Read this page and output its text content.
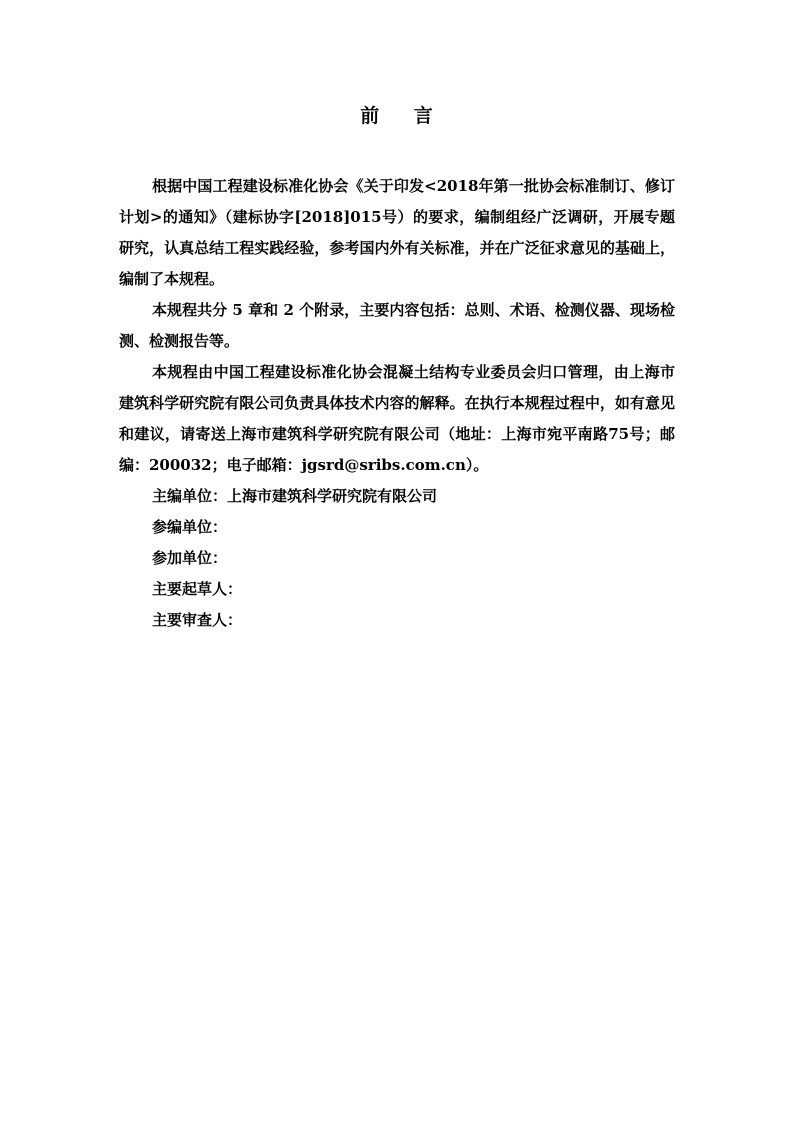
前 言

根据中国工程建设标准化协会《关于印发<2018年第一批协会标准制订、修订计划>的通知》（建标协字[2018]015号）的要求，编制组经广泛调研，开展专题研究，认真总结工程实践经验，参考国内外有关标准，并在广泛征求意见的基础上，编制了本规程。

本规程共分 5 章和 2 个附录，主要内容包括：总则、术语、检测仪器、现场检测、检测报告等。

本规程由中国工程建设标准化协会混凝土结构专业委员会归口管理，由上海市建筑科学研究院有限公司负责具体技术内容的解释。在执行本规程过程中，如有意见和建议，请寄送上海市建筑科学研究院有限公司（地址：上海市宛平南路75号；邮编：200032；电子邮箱：jgsrd@sribs.com.cn）。

主编单位：上海市建筑科学研究院有限公司

参编单位：

参加单位：

主要起草人：

主要审查人：
